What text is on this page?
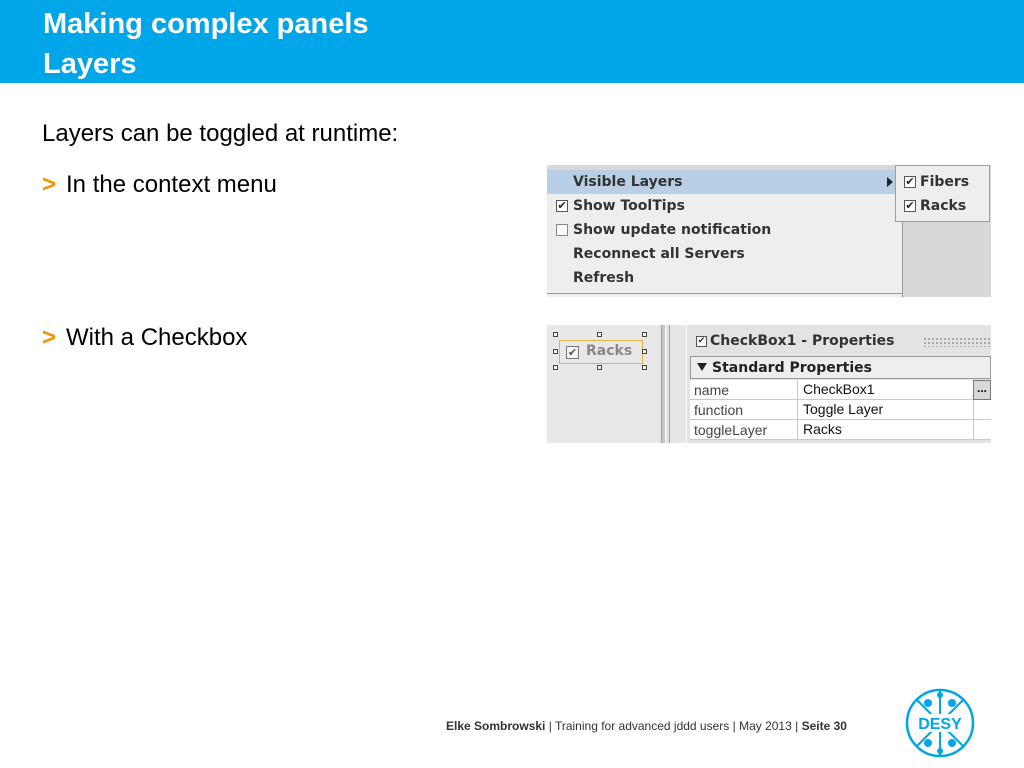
Making complex panels
Layers
Layers can be toggled at runtime:
> In the context menu
> With a Checkbox
Visible Layers
✔ Show ToolTips
Show update notification
Reconnect all Servers
Refresh
✔ Fibers
✔ Racks
✔ Racks
✔ CheckBox1 - Properties
Standard Properties
name	CheckBox1	...
function	Toggle Layer
toggleLayer	Racks
Elke Sombrowski | Training for advanced jddd users | May 2013 | Seite 30	DESY
